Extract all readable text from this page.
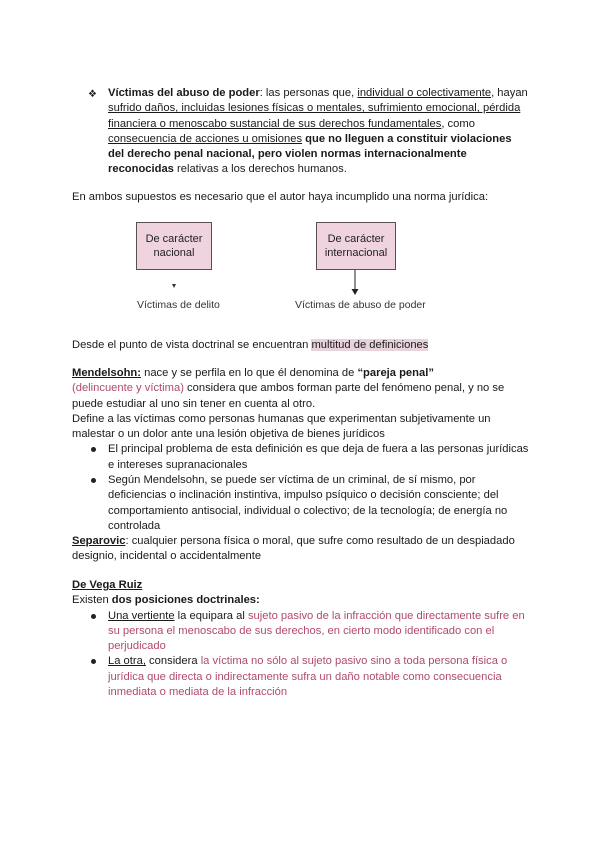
❖ Víctimas del abuso de poder: las personas que, individual o colectivamente, hayan sufrido daños, incluidas lesiones físicas o mentales, sufrimiento emocional, pérdida financiera o menoscabo sustancial de sus derechos fundamentales, como consecuencia de acciones u omisiones que no lleguen a constituir violaciones del derecho penal nacional, pero violen normas internacionalmente reconocidas relativas a los derechos humanos.

En ambos supuestos es necesario que el autor haya incumplido una norma jurídica:

De carácter nacional
De carácter internacional
Víctimas de delito	Víctimas de abuso de poder

Desde el punto de vista doctrinal se encuentran multitud de definiciones

Mendelsohn: nace y se perfila en lo que él denomina de “pareja penal”
(delincuente y víctima) considera que ambos forman parte del fenómeno penal, y no se puede estudiar al uno sin tener en cuenta al otro.

Define a las víctimas como personas humanas que experimentan subjetivamente un malestar o un dolor ante una lesión objetiva de bienes jurídicos

El principal problema de esta definición es que deja de fuera a las personas jurídicas e intereses supranacionales
Según Mendelsohn, se puede ser víctima de un criminal, de sí mismo, por deficiencias o inclinación instintiva, impulso psíquico o decisión consciente; del comportamiento antisocial, individual o colectivo; de la tecnología; de energía no controlada

Separovic: cualquier persona física o moral, que sufre como resultado de un despiadado designio, incidental o accidentalmente

De Vega Ruiz

Existen dos posiciones doctrinales:

Una vertiente la equipara al sujeto pasivo de la infracción que directamente sufre en su persona el menoscabo de sus derechos, en cierto modo identificado con el perjudicado
La otra, considera la víctima no sólo al sujeto pasivo sino a toda persona física o jurídica que directa o indirectamente sufra un daño notable como consecuencia inmediata o mediata de la infracción
